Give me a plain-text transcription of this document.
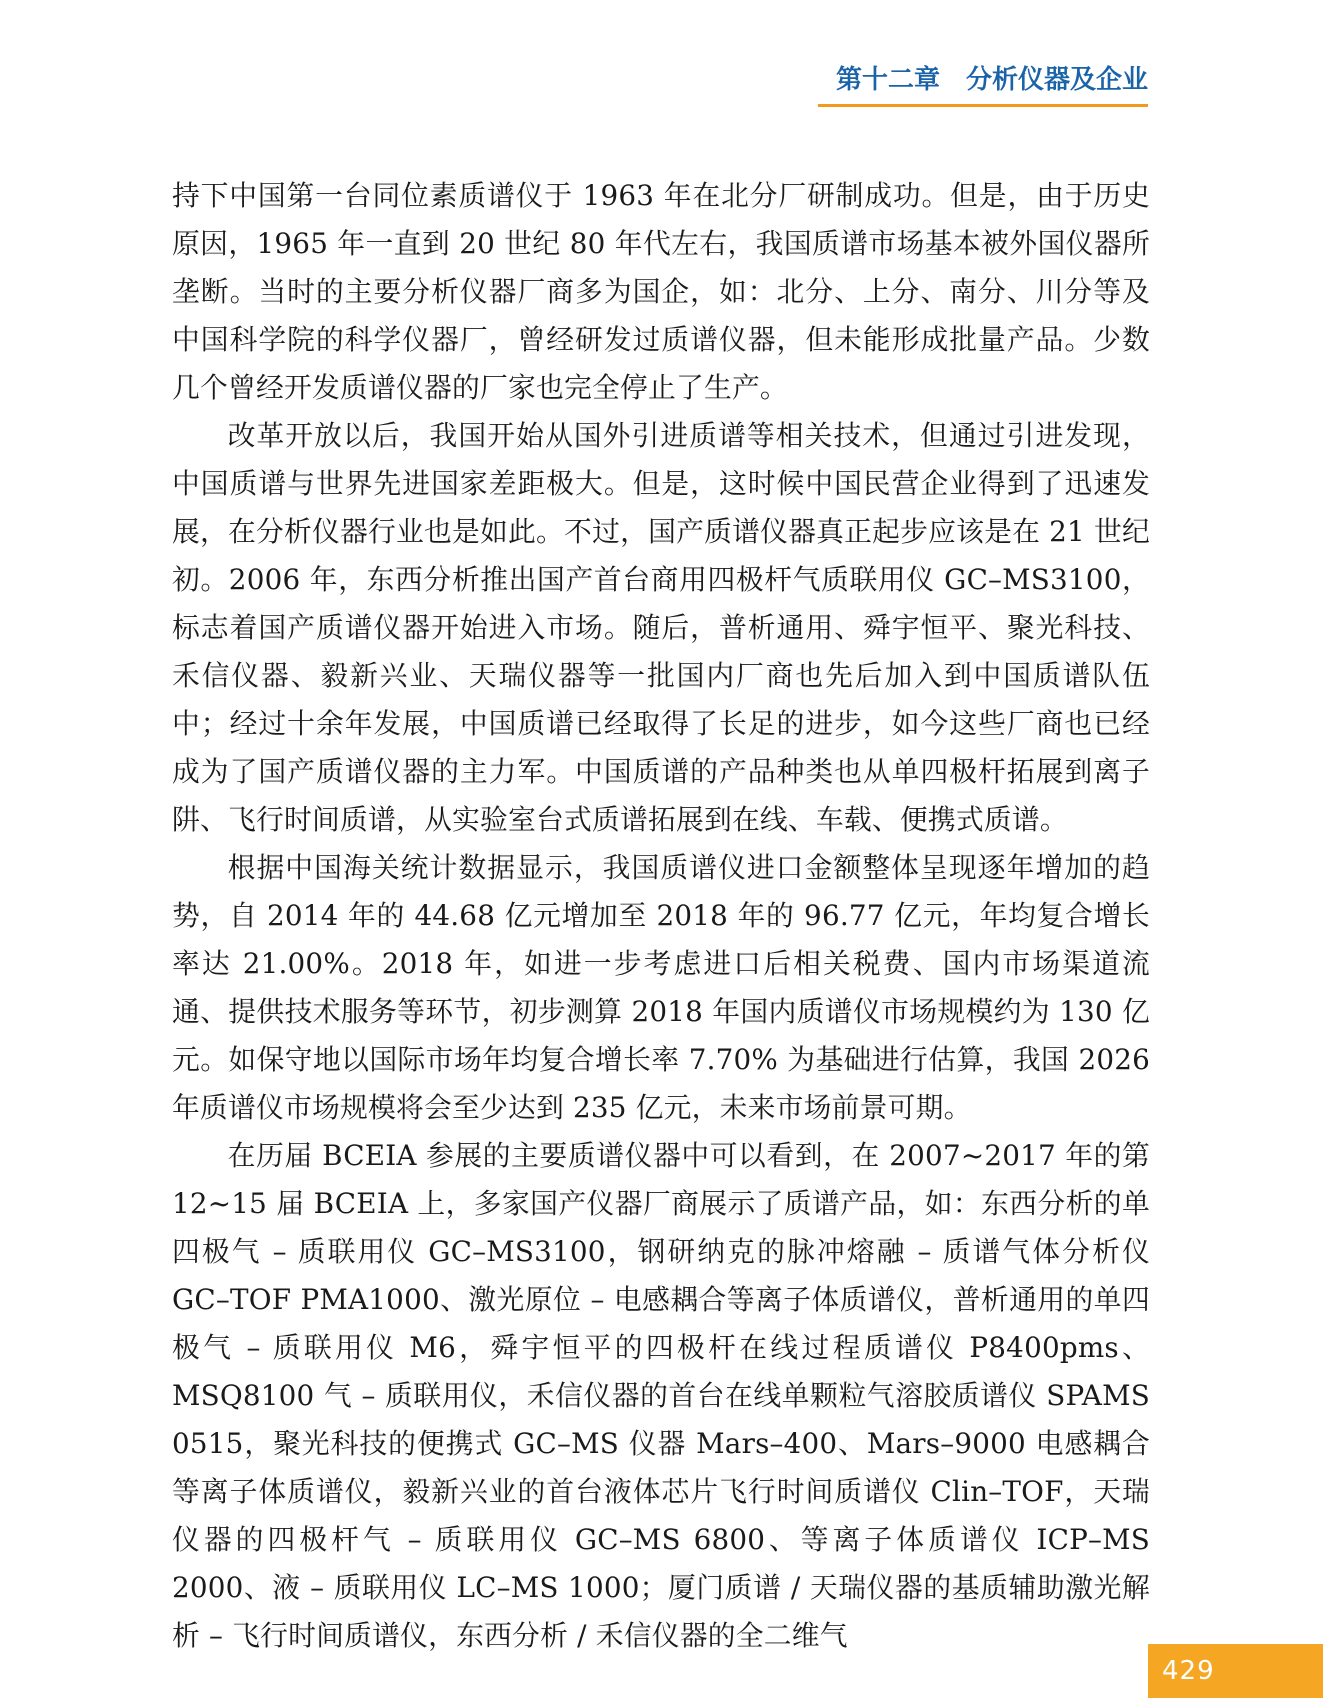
第十二章 分析仪器及企业

持下中国第一台同位素质谱仪于 1963 年在北分厂研制成功。但是，由于历史原因，1965 年一直到 20 世纪 80 年代左右，我国质谱市场基本被外国仪器所垄断。当时的主要分析仪器厂商多为国企，如：北分、上分、南分、川分等及中国科学院的科学仪器厂，曾经研发过质谱仪器，但未能形成批量产品。少数几个曾经开发质谱仪器的厂家也完全停止了生产。

改革开放以后，我国开始从国外引进质谱等相关技术，但通过引进发现，中国质谱与世界先进国家差距极大。但是，这时候中国民营企业得到了迅速发展，在分析仪器行业也是如此。不过，国产质谱仪器真正起步应该是在 21 世纪初。2006 年，东西分析推出国产首台商用四极杆气质联用仪 GC–MS3100，标志着国产质谱仪器开始进入市场。随后，普析通用、舜宇恒平、聚光科技、禾信仪器、毅新兴业、天瑞仪器等一批国内厂商也先后加入到中国质谱队伍中；经过十余年发展，中国质谱已经取得了长足的进步，如今这些厂商也已经成为了国产质谱仪器的主力军。中国质谱的产品种类也从单四极杆拓展到离子阱、飞行时间质谱，从实验室台式质谱拓展到在线、车载、便携式质谱。

根据中国海关统计数据显示，我国质谱仪进口金额整体呈现逐年增加的趋势，自 2014 年的 44.68 亿元增加至 2018 年的 96.77 亿元，年均复合增长率达 21.00%。2018 年，如进一步考虑进口后相关税费、国内市场渠道流通、提供技术服务等环节，初步测算 2018 年国内质谱仪市场规模约为 130 亿元。如保守地以国际市场年均复合增长率 7.70% 为基础进行估算，我国 2026 年质谱仪市场规模将会至少达到 235 亿元，未来市场前景可期。

在历届 BCEIA 参展的主要质谱仪器中可以看到，在 2007~2017 年的第 12~15 届 BCEIA 上，多家国产仪器厂商展示了质谱产品，如：东西分析的单四极气 – 质联用仪 GC–MS3100，钢研纳克的脉冲熔融 – 质谱气体分析仪 GC–TOF PMA1000、激光原位 – 电感耦合等离子体质谱仪，普析通用的单四极气 – 质联用仪 M6，舜宇恒平的四极杆在线过程质谱仪 P8400pms、MSQ8100 气 – 质联用仪，禾信仪器的首台在线单颗粒气溶胶质谱仪 SPAMS 0515，聚光科技的便携式 GC–MS 仪器 Mars–400、Mars–9000 电感耦合等离子体质谱仪，毅新兴业的首台液体芯片飞行时间质谱仪 Clin–TOF，天瑞仪器的四极杆气 – 质联用仪 GC–MS 6800、等离子体质谱仪 ICP–MS 2000、液 – 质联用仪 LC–MS 1000；厦门质谱 / 天瑞仪器的基质辅助激光解析 – 飞行时间质谱仪，东西分析 / 禾信仪器的全二维气

429
